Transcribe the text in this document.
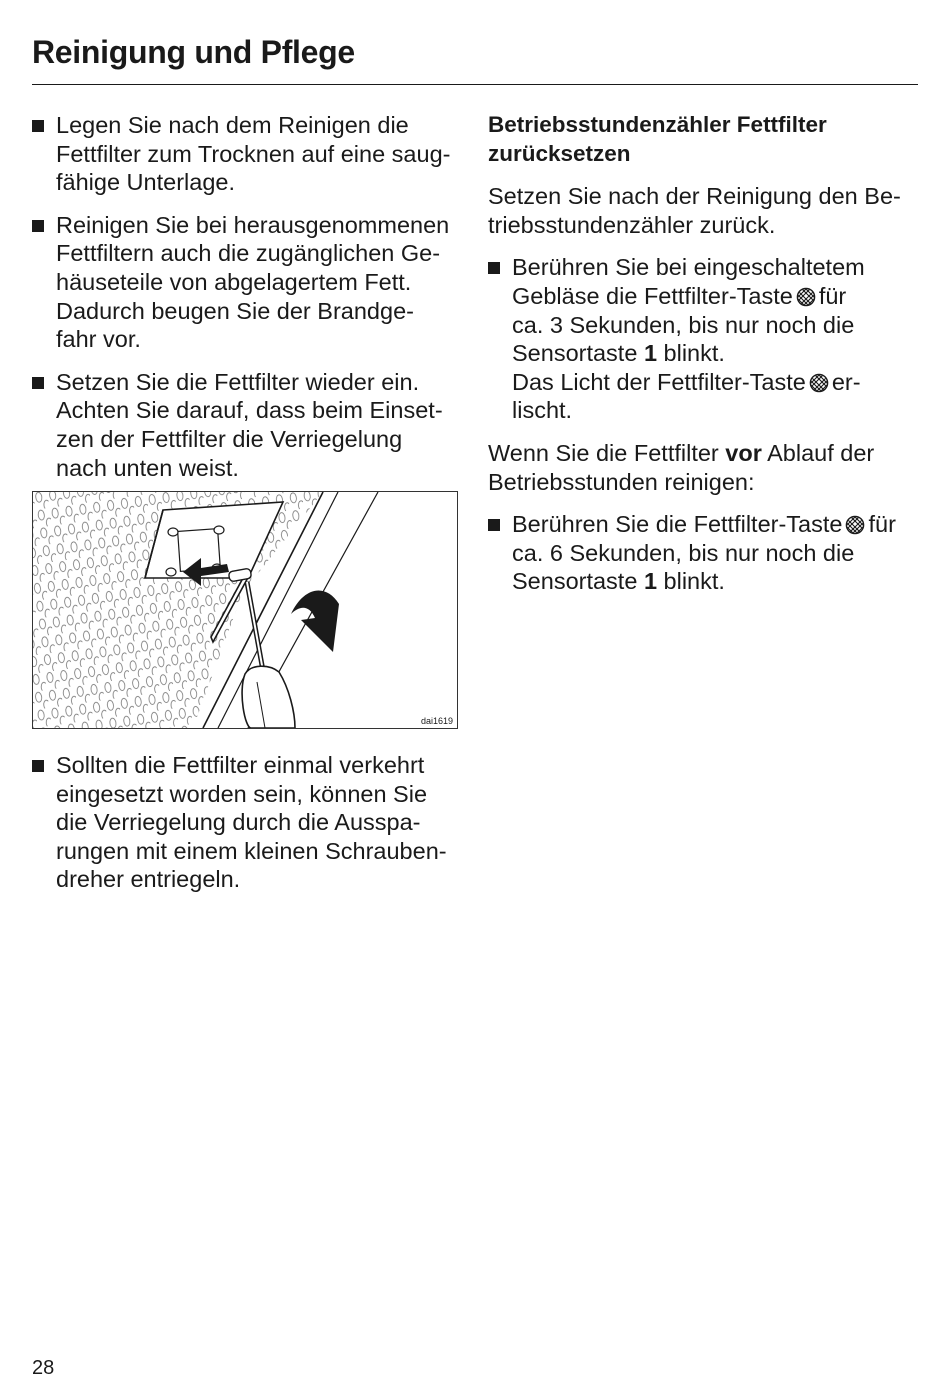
Reinigung und Pflege
Legen Sie nach dem Reinigen die
Fettfilter zum Trocknen auf eine saug-
fähige Unterlage.
Reinigen Sie bei herausgenommenen
Fettfiltern auch die zugänglichen Ge-
häuseteile von abgelagertem Fett.
Dadurch beugen Sie der Brandge-
fahr vor.
Setzen Sie die Fettfilter wieder ein.
Achten Sie darauf, dass beim Einset-
zen der Fettfilter die Verriegelung
nach unten weist.
dai1619
Sollten die Fettfilter einmal verkehrt
eingesetzt worden sein, können Sie
die Verriegelung durch die Ausspa-
rungen mit einem kleinen Schrauben-
dreher entriegeln.
Betriebsstundenzähler Fettfilter
zurücksetzen
Setzen Sie nach der Reinigung den Be-
triebsstundenzähler zurück.
Berühren Sie bei eingeschaltetem
Gebläse die Fettfilter-Taste für
ca. 3 Sekunden, bis nur noch die
Sensortaste 1 blinkt.
Das Licht der Fettfilter-Taste er-
lischt.
Wenn Sie die Fettfilter vor Ablauf der
Betriebsstunden reinigen:
Berühren Sie die Fettfilter-Taste für
ca. 6 Sekunden, bis nur noch die
Sensortaste 1 blinkt.
28
